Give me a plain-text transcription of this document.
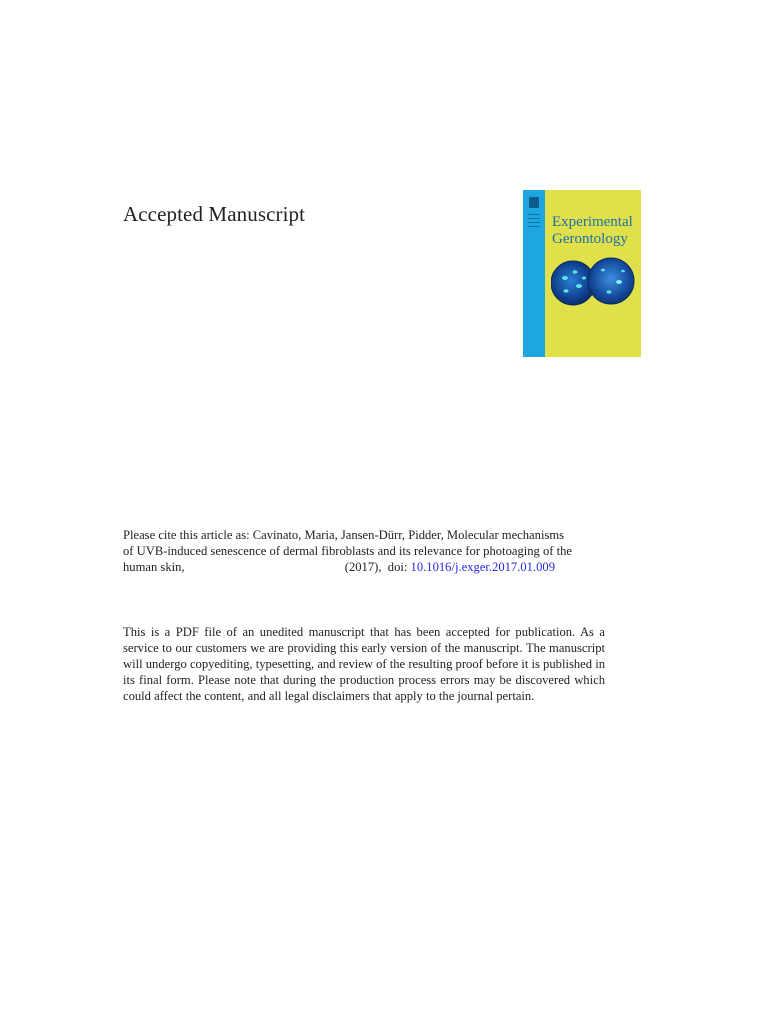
Accepted Manuscript	Experimental
Gerontology
Please cite this article as: Cavinato, Maria, Jansen-Dürr, Pidder, Molecular mechanisms
of UVB-induced senescence of dermal fibroblasts and its relevance for photoaging of the
human skin,	(2017), doi: 10.1016/j.exger.2017.01.009
This is a PDF file of an unedited manuscript that has been accepted for publication. As a service to our customers we are providing this early version of the manuscript. The manuscript will undergo copyediting, typesetting, and review of the resulting proof before it is published in its final form. Please note that during the production process errors may be discovered which could affect the content, and all legal disclaimers that apply to the journal pertain.
